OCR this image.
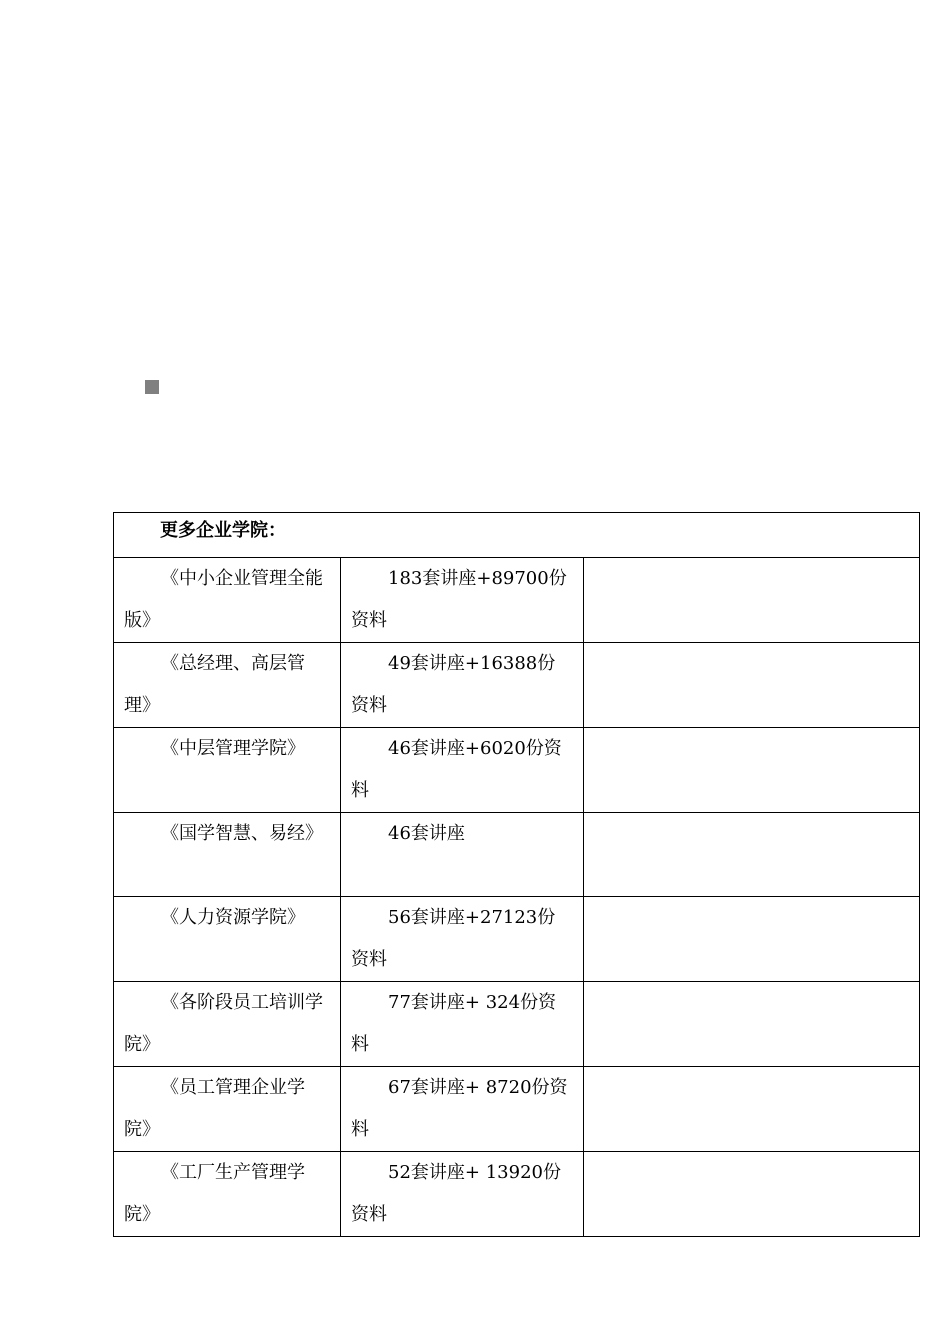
更多企业学院：		

《中小企业管理全能版》	183套讲座+89700份资料	

《总经理、高层管理》	49套讲座+16388份资料	

《中层管理学院》	46套讲座+6020份资料	

《国学智慧、易经》	46套讲座	

《人力资源学院》	56套讲座+27123份资料	

《各阶段员工培训学院》	77套讲座+ 324份资料	

《员工管理企业学院》	67套讲座+ 8720份资料	

《工厂生产管理学院》	52套讲座+ 13920份资料	
